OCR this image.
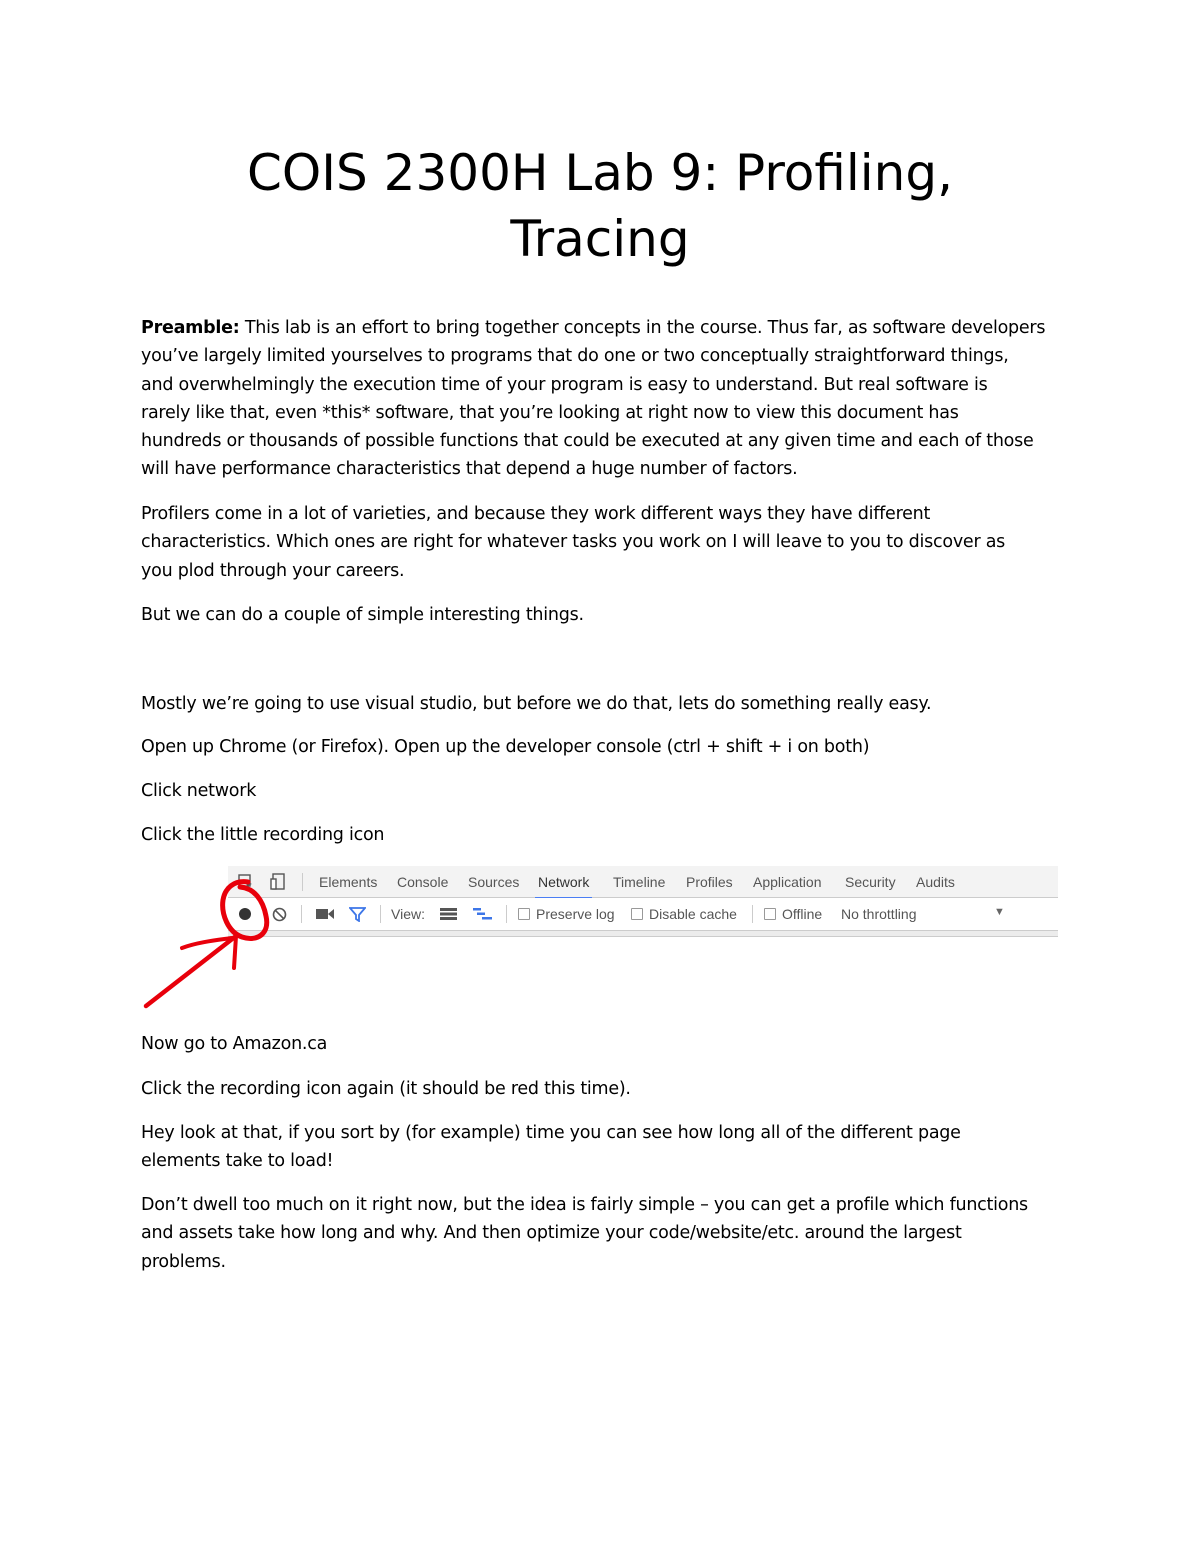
COIS 2300H Lab 9: Profiling,
Tracing

Preamble: This lab is an effort to bring together concepts in the course. Thus far, as software developers
you’ve largely limited yourselves to programs that do one or two conceptually straightforward things,
and overwhelmingly the execution time of your program is easy to understand. But real software is
rarely like that, even *this* software, that you’re looking at right now to view this document has
hundreds or thousands of possible functions that could be executed at any given time and each of those
will have performance characteristics that depend a huge number of factors.

Profilers come in a lot of varieties, and because they work different ways they have different
characteristics. Which ones are right for whatever tasks you work on I will leave to you to discover as
you plod through your careers.

But we can do a couple of simple interesting things.

Mostly we’re going to use visual studio, but before we do that, lets do something really easy.

Open up Chrome (or Firefox). Open up the developer console (ctrl + shift + i on both)

Click network

Click the little recording icon

Elements Console Sources Network Timeline Profiles Application Security Audits
View:	Preserve log	Disable cache	Offline No throttling	▼

Now go to Amazon.ca

Click the recording icon again (it should be red this time).

Hey look at that, if you sort by (for example) time you can see how long all of the different page
elements take to load!

Don’t dwell too much on it right now, but the idea is fairly simple – you can get a profile which functions
and assets take how long and why. And then optimize your code/website/etc. around the largest
problems.
